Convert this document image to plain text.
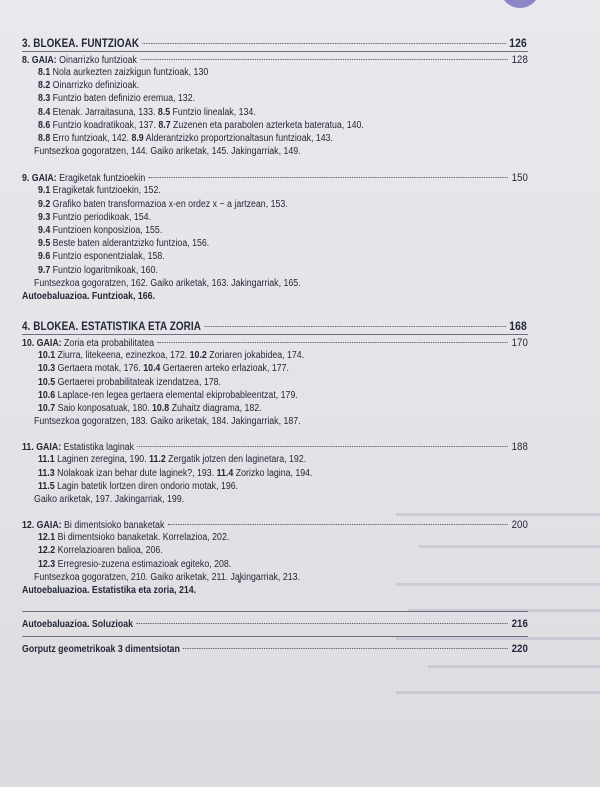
3. BLOKEA. FUNTZIOAK	126
8. GAIA: Oinarrizko funtzioak	128
8.1 Nola aurkezten zaizkigun funtzioak, 130
8.2 Oinarrizko definizioak.
8.3 Funtzio baten definizio eremua, 132.
8.4 Etenak. Jarraitasuna, 133. 8.5 Funtzio linealak, 134.
8.6 Funtzio koadratikoak, 137. 8.7 Zuzenen eta parabolen azterketa bateratua, 140.
8.8 Erro funtzioak, 142. 8.9 Alderantzizko proportzionaltasun funtzioak, 143.
Funtsezkoa gogoratzen, 144. Gaiko ariketak, 145. Jakingarriak, 149.
9. GAIA: Eragiketak funtzioekin	150
9.1 Eragiketak funtzioekin, 152.
9.2 Grafiko baten transformazioa x-en ordez x − a jartzean, 153.
9.3 Funtzio periodikoak, 154.
9.4 Funtzioen konposizioa, 155.
9.5 Beste baten alderantzizko funtzioa, 156.
9.6 Funtzio esponentzialak, 158.
9.7 Funtzio logaritmikoak, 160.
Funtsezkoa gogoratzen, 162. Gaiko ariketak, 163. Jakingarriak, 165.
Autoebaluazioa. Funtzioak, 166.
4. BLOKEA. ESTATISTIKA ETA ZORIA	168
10. GAIA: Zoria eta probabilitatea	170
10.1 Ziurra, litekeena, ezinezkoa, 172. 10.2 Zoriaren jokabidea, 174.
10.3 Gertaera motak, 176. 10.4 Gertaeren arteko erlazioak, 177.
10.5 Gertaerei probabilitateak izendatzea, 178.
10.6 Laplace-ren legea gertaera elemental ekiprobableentzat, 179.
10.7 Saio konposatuak, 180. 10.8 Zuhaitz diagrama, 182.
Funtsezkoa gogoratzen, 183. Gaiko ariketak, 184. Jakingarriak, 187.
11. GAIA: Estatistika laginak	188
11.1 Laginen zeregina, 190. 11.2 Zergatik jotzen den laginetara, 192.
11.3 Nolakoak izan behar dute laginek?, 193. 11.4 Zorizko lagina, 194.
11.5 Lagin batetik lortzen diren ondorio motak, 196.
Gaiko ariketak, 197. Jakingarriak, 199.
12. GAIA: Bi dimentsioko banaketak	200
12.1 Bi dimentsioko banaketak. Korrelazioa, 202.
12.2 Korrelazioaren balioa, 206.
12.3 Erregresio-zuzena estimazioak egiteko, 208.
Funtsezkoa gogoratzen, 210. Gaiko ariketak, 211. Jakingarriak, 213.
Autoebaluazioa. Estatistika eta zoria, 214.
Autoebaluazioa. Soluzioak	216
Gorputz geometrikoak 3 dimentsiotan	220
